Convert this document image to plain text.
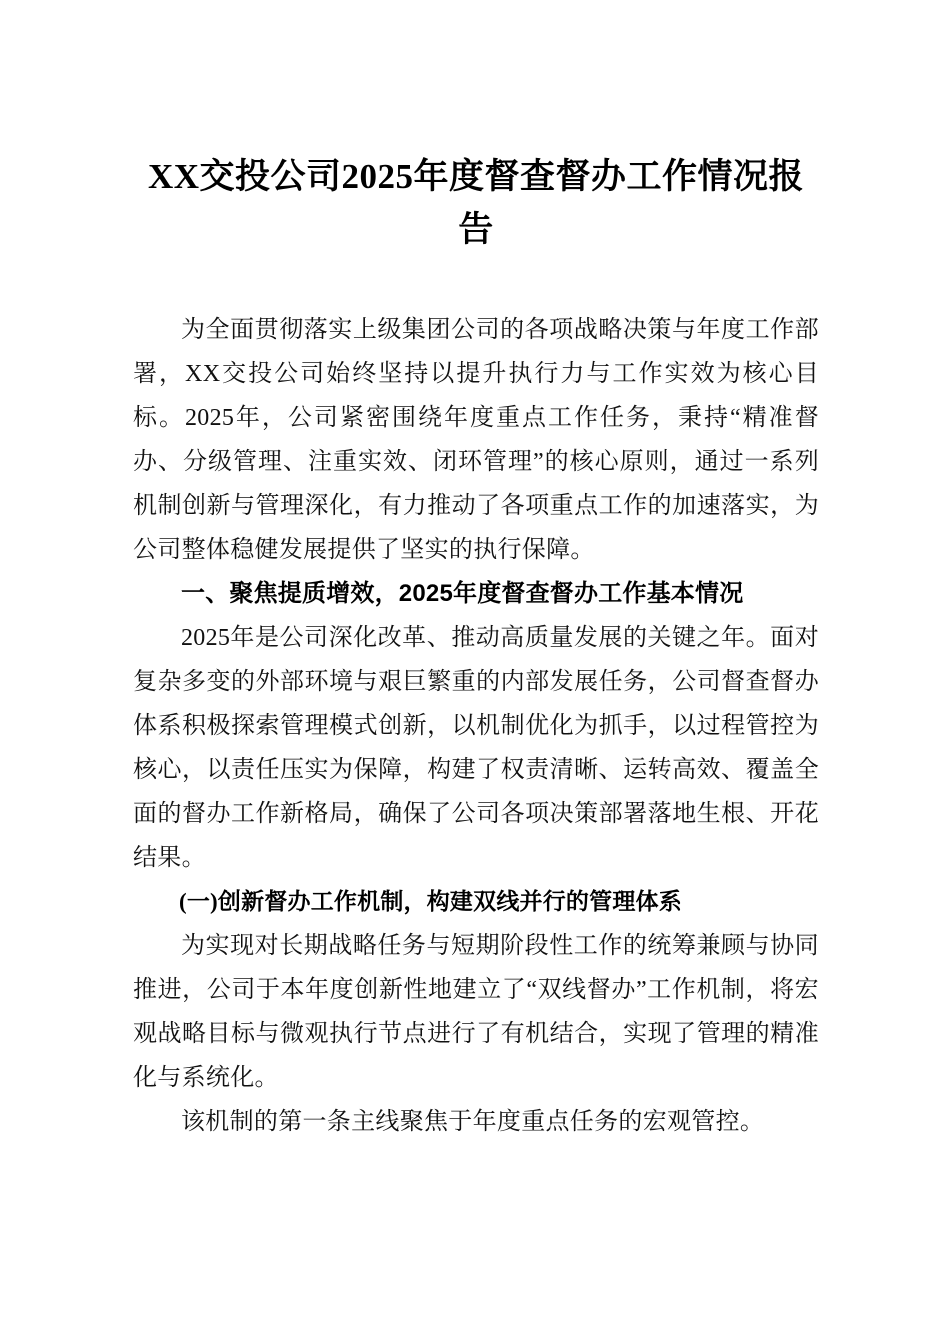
XX交投公司2025年度督查督办工作情况报告

为全面贯彻落实上级集团公司的各项战略决策与年度工作部署，XX交投公司始终坚持以提升执行力与工作实效为核心目标。2025年，公司紧密围绕年度重点工作任务，秉持“精准督办、分级管理、注重实效、闭环管理”的核心原则，通过一系列机制创新与管理深化，有力推动了各项重点工作的加速落实，为公司整体稳健发展提供了坚实的执行保障。

一、聚焦提质增效，2025年度督查督办工作基本情况

2025年是公司深化改革、推动高质量发展的关键之年。面对复杂多变的外部环境与艰巨繁重的内部发展任务，公司督查督办体系积极探索管理模式创新，以机制优化为抓手，以过程管控为核心，以责任压实为保障，构建了权责清晰、运转高效、覆盖全面的督办工作新格局，确保了公司各项决策部署落地生根、开花结果。

(一)创新督办工作机制，构建双线并行的管理体系

为实现对长期战略任务与短期阶段性工作的统筹兼顾与协同推进，公司于本年度创新性地建立了“双线督办”工作机制，将宏观战略目标与微观执行节点进行了有机结合，实现了管理的精准化与系统化。

该机制的第一条主线聚焦于年度重点任务的宏观管控。
